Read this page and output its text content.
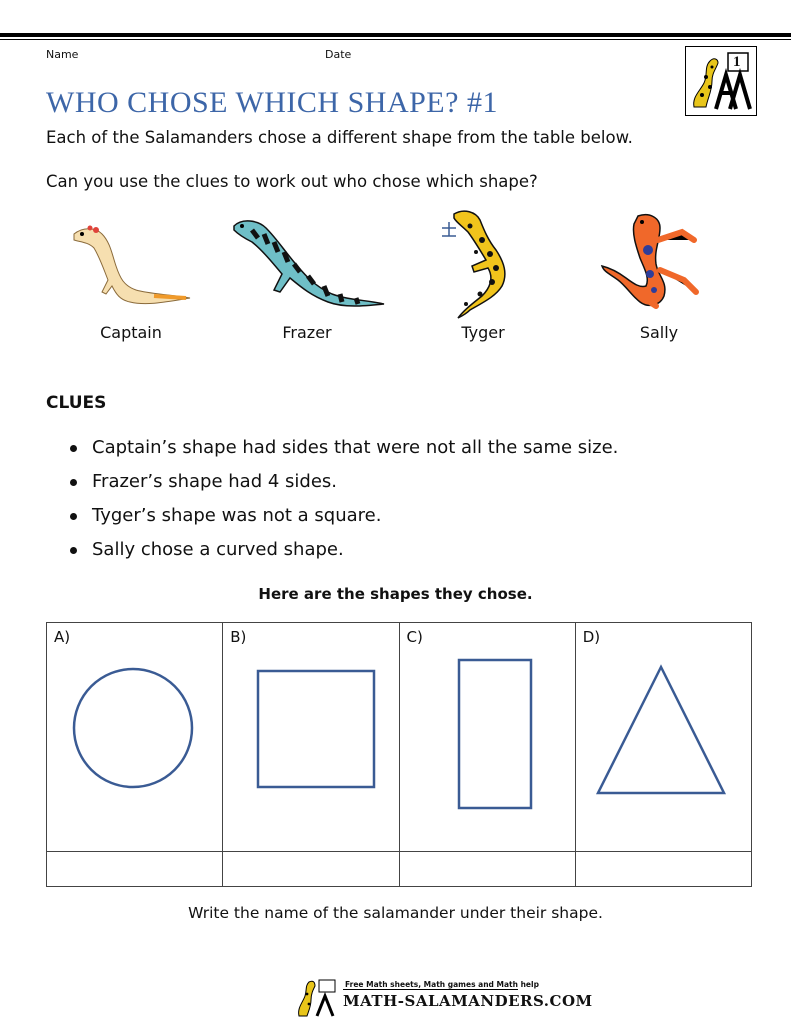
Name	Date	1
WHO CHOSE WHICH SHAPE? #1

Each of the Salamanders chose a different shape from the table below.

Can you use the clues to work out who chose which shape?

Captain	Frazer	Tyger	Sally
CLUES
Captain’s shape had sides that were not all the same size.
Frazer’s shape had 4 sides.
Tyger’s shape was not a square.
Sally chose a curved shape.
Here are the shapes they chose.
A)	B)	C)	D)

Write the name of the salamander under their shape.
Free Math sheets, Math games and Math help
MATH-SALAMANDERS.COM
